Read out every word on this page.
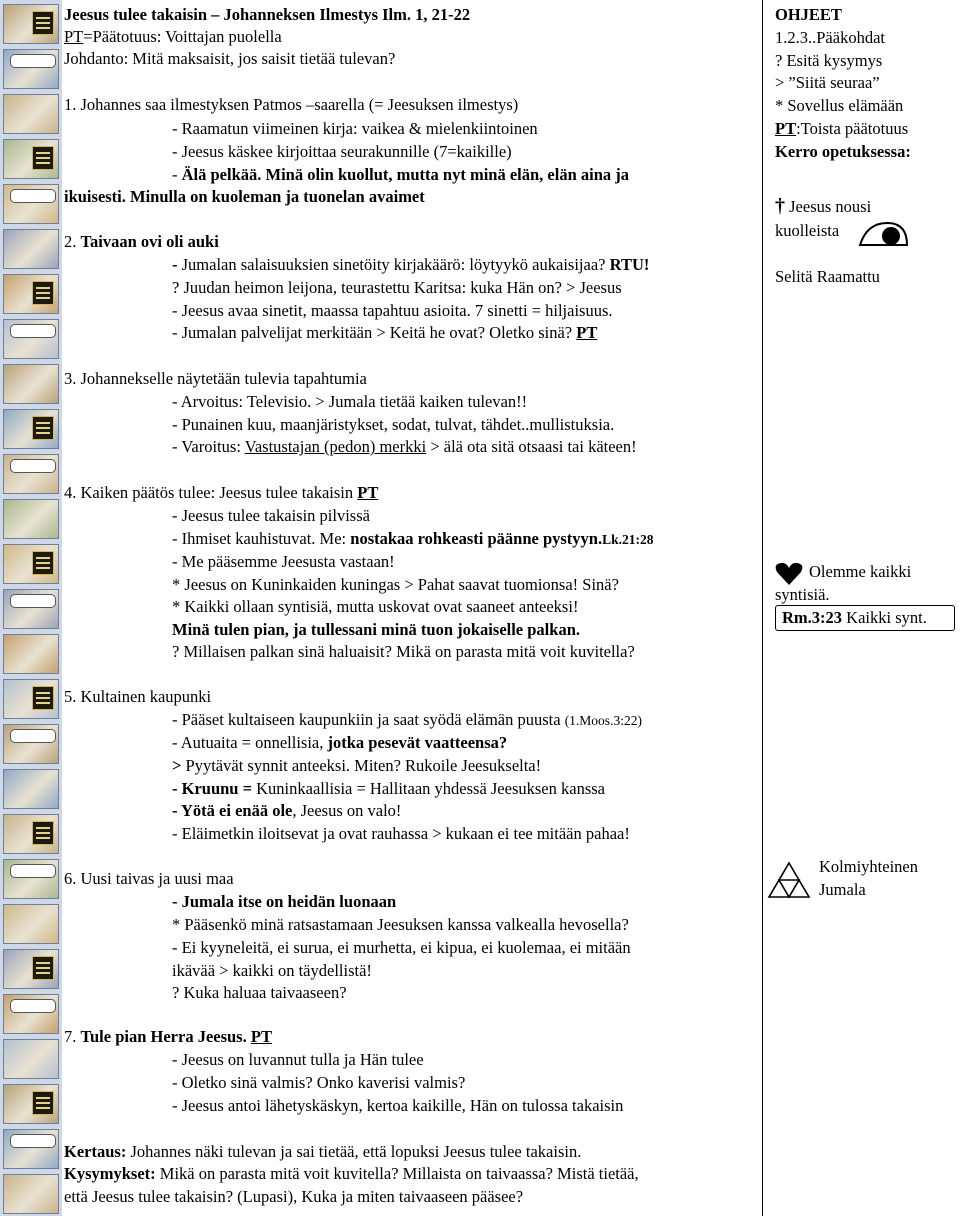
Jeesus tulee takaisin – Johanneksen Ilmestys Ilm. 1, 21-22
PT=Päätotuus: Voittajan puolella
Johdanto: Mitä maksaisit, jos saisit tietää tulevan?
1. Johannes saa ilmestyksen Patmos –saarella (= Jeesuksen ilmestys)
- Raamatun viimeinen kirja: vaikea & mielenkiintoinen
- Jeesus käskee kirjoittaa seurakunnille (7=kaikille)
- Älä pelkää. Minä olin kuollut, mutta nyt minä elän, elän aina ja
ikuisesti. Minulla on kuoleman ja tuonelan avaimet
2. Taivaan ovi oli auki
- Jumalan salaisuuksien sinetöity kirjakäärö: löytyykö aukaisijaa? RTU!
? Juudan heimon leijona, teurastettu Karitsa: kuka Hän on? > Jeesus
- Jeesus avaa sinetit, maassa tapahtuu asioita. 7 sinetti = hiljaisuus.
- Jumalan palvelijat merkitään > Keitä he ovat? Oletko sinä? PT
3. Johannekselle näytetään tulevia tapahtumia
- Arvoitus: Televisio. > Jumala tietää kaiken tulevan!!
- Punainen kuu, maanjäristykset, sodat, tulvat, tähdet..mullistuksia.
- Varoitus: Vastustajan (pedon) merkki > älä ota sitä otsaasi tai käteen!
4. Kaiken päätös tulee: Jeesus tulee takaisin PT
- Jeesus tulee takaisin pilvissä
- Ihmiset kauhistuvat. Me: nostakaa rohkeasti päänne pystyyn.Lk.21:28
- Me pääsemme Jeesusta vastaan!
* Jeesus on Kuninkaiden kuningas > Pahat saavat tuomionsa! Sinä?
* Kaikki ollaan syntisiä, mutta uskovat ovat saaneet anteeksi!
Minä tulen pian, ja tullessani minä tuon jokaiselle palkan.
? Millaisen palkan sinä haluaisit? Mikä on parasta mitä voit kuvitella?
5. Kultainen kaupunki
- Pääset kultaiseen kaupunkiin ja saat syödä elämän puusta (1.Moos.3:22)
- Autuaita = onnellisia, jotka pesevät vaatteensa?
> Pyytävät synnit anteeksi. Miten? Rukoile Jeesukselta!
- Kruunu = Kuninkaallisia = Hallitaan yhdessä Jeesuksen kanssa
- Yötä ei enää ole, Jeesus on valo!
- Eläimetkin iloitsevat ja ovat rauhassa > kukaan ei tee mitään pahaa!
6. Uusi taivas ja uusi maa
- Jumala itse on heidän luonaan
* Pääsenkö minä ratsastamaan Jeesuksen kanssa valkealla hevosella?
- Ei kyyneleitä, ei surua, ei murhetta, ei kipua, ei kuolemaa, ei mitään
ikävää > kaikki on täydellistä!
? Kuka haluaa taivaaseen?
7. Tule pian Herra Jeesus. PT
- Jeesus on luvannut tulla ja Hän tulee
- Oletko sinä valmis? Onko kaverisi valmis?
- Jeesus antoi lähetyskäskyn, kertoa kaikille, Hän on tulossa takaisin
Kertaus: Johannes näki tulevan ja sai tietää, että lopuksi Jeesus tulee takaisin.
Kysymykset: Mikä on parasta mitä voit kuvitella? Millaista on taivaassa? Mistä tietää,
että Jeesus tulee takaisin? (Lupasi), Kuka ja miten taivaaseen pääsee?
OHJEET
1.2.3..Pääkohdat
? Esitä kysymys
> ”Siitä seuraa”
* Sovellus elämään
PT:Toista päätotuus
Kerro opetuksessa:
† Jeesus nousi
kuolleista
Selitä Raamattu
Olemme kaikki
syntisiä.
Rm.3:23 Kaikki synt.
Kolmiyhteinen
Jumala
